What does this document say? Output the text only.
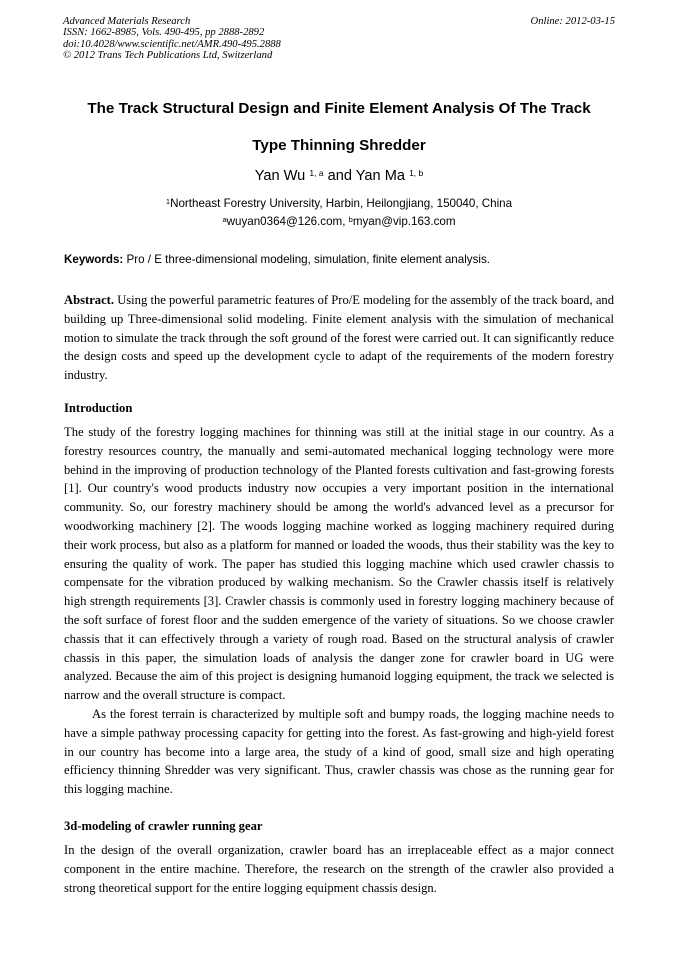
Advanced Materials Research
ISSN: 1662-8985, Vols. 490-495, pp 2888-2892
doi:10.4028/www.scientific.net/AMR.490-495.2888
© 2012 Trans Tech Publications Ltd, Switzerland
Online: 2012-03-15
The Track Structural Design and Finite Element Analysis Of The Track
Type Thinning Shredder
Yan Wu $^{1, a}$ and Yan Ma $^{1, b}$
$^1$Northeast Forestry University, Harbin, Heilongjiang, 150040, China
$^a$wuyan0364@126.com, $^b$myan@vip.163.com
Keywords: Pro / E three-dimensional modeling, simulation, finite element analysis.

Abstract. Using the powerful parametric features of Pro/E modeling for the assembly of the track board, and building up Three-dimensional solid modeling. Finite element analysis with the simulation of mechanical motion to simulate the track through the soft ground of the forest were carried out. It can significantly reduce the design costs and speed up the development cycle to adapt of the requirements of the modern forestry industry.

Introduction

The study of the forestry logging machines for thinning was still at the initial stage in our country. As a forestry resources country, the manually and semi-automated mechanical logging technology were more behind in the improving of production technology of the Planted forests cultivation and fast-growing forests [1]. Our country's wood products industry now occupies a very important position in the international community. So, our forestry machinery should be among the world's advanced level as a precursor for woodworking machinery [2]. The woods logging machine worked as logging machinery required during their work process, but also as a platform for manned or loaded the woods, thus their stability was the key to ensuring the quality of work. The paper has studied this logging machine which used crawler chassis to compensate for the vibration produced by walking mechanism. So the Crawler chassis itself is relatively high strength requirements [3]. Crawler chassis is commonly used in forestry logging machinery because of the soft surface of forest floor and the sudden emergence of the variety of situations. So we choose crawler chassis that it can effectively through a variety of rough road. Based on the structural analysis of crawler chassis in this paper, the simulation loads of analysis the danger zone for crawler board in UG were analyzed. Because the aim of this project is designing humanoid logging equipment, the track we selected is narrow and the overall structure is compact.

As the forest terrain is characterized by multiple soft and bumpy roads, the logging machine needs to have a simple pathway processing capacity for getting into the forest. As fast-growing and high-yield forest in our country has become into a large area, the study of a kind of good, small size and high operating efficiency thinning Shredder was very significant. Thus, crawler chassis was chose as the running gear for this logging machine.

3d-modeling of crawler running gear

In the design of the overall organization, crawler board has an irreplaceable effect as a major connect component in the entire machine. Therefore, the research on the strength of the crawler also provided a strong theoretical support for the entire logging equipment chassis design.
